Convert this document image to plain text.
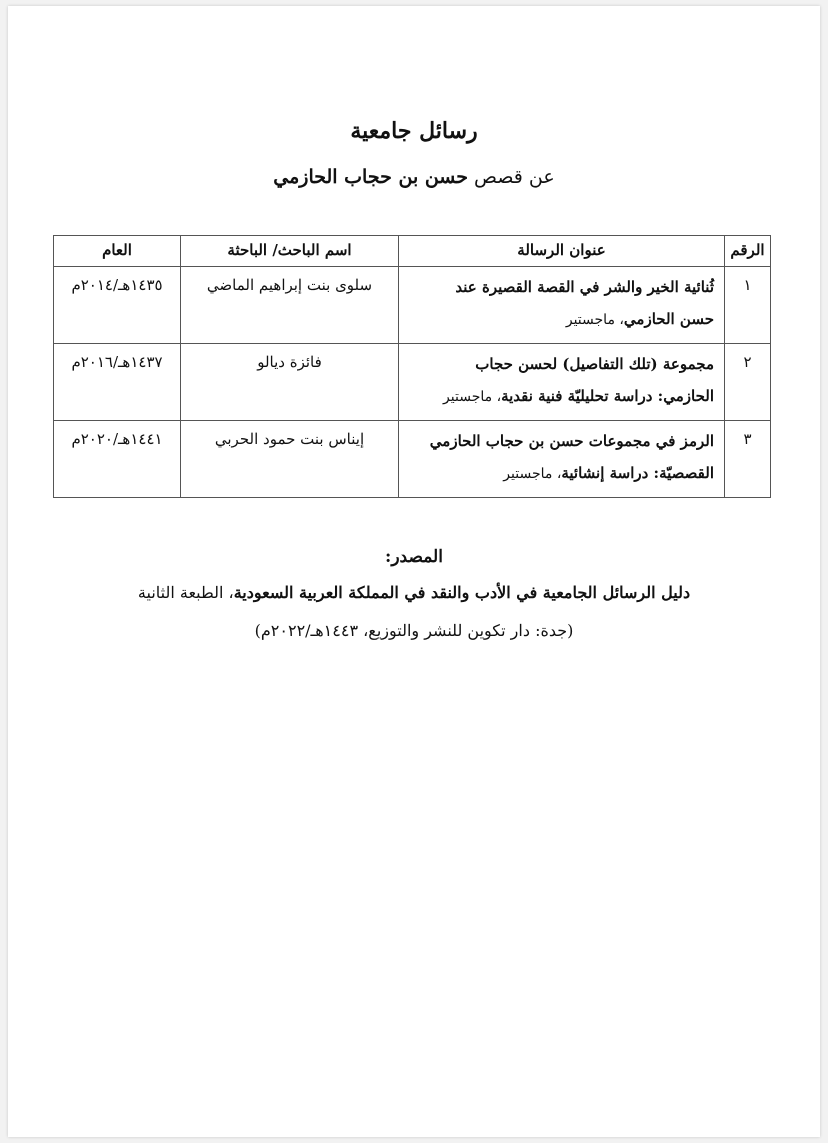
رسائل جامعية

عن قصص حسن بن حجاب الحازمي

الرقم	عنوان الرسالة	اسم الباحث/ الباحثة	العام
١	ثُنائية الخير والشر في القصة القصيرة عند حسن الحازمي، ماجستير	سلوى بنت إبراهيم الماضي	١٤٣٥هـ/٢٠١٤م
٢	مجموعة (تلك التفاصيل) لحسن حجاب الحازمي: دراسة تحليليّة فنية نقدية، ماجستير	فائزة ديالو	١٤٣٧هـ/٢٠١٦م
٣	الرمز في مجموعات حسن بن حجاب الحازمي القصصيّة: دراسة إنشائية، ماجستير	إيناس بنت حمود الحربي	١٤٤١هـ/٢٠٢٠م

المصدر:

دليل الرسائل الجامعية في الأدب والنقد في المملكة العربية السعودية، الطبعة الثانية

(جدة: دار تكوين للنشر والتوزيع، ١٤٤٣هـ/٢٠٢٢م)
